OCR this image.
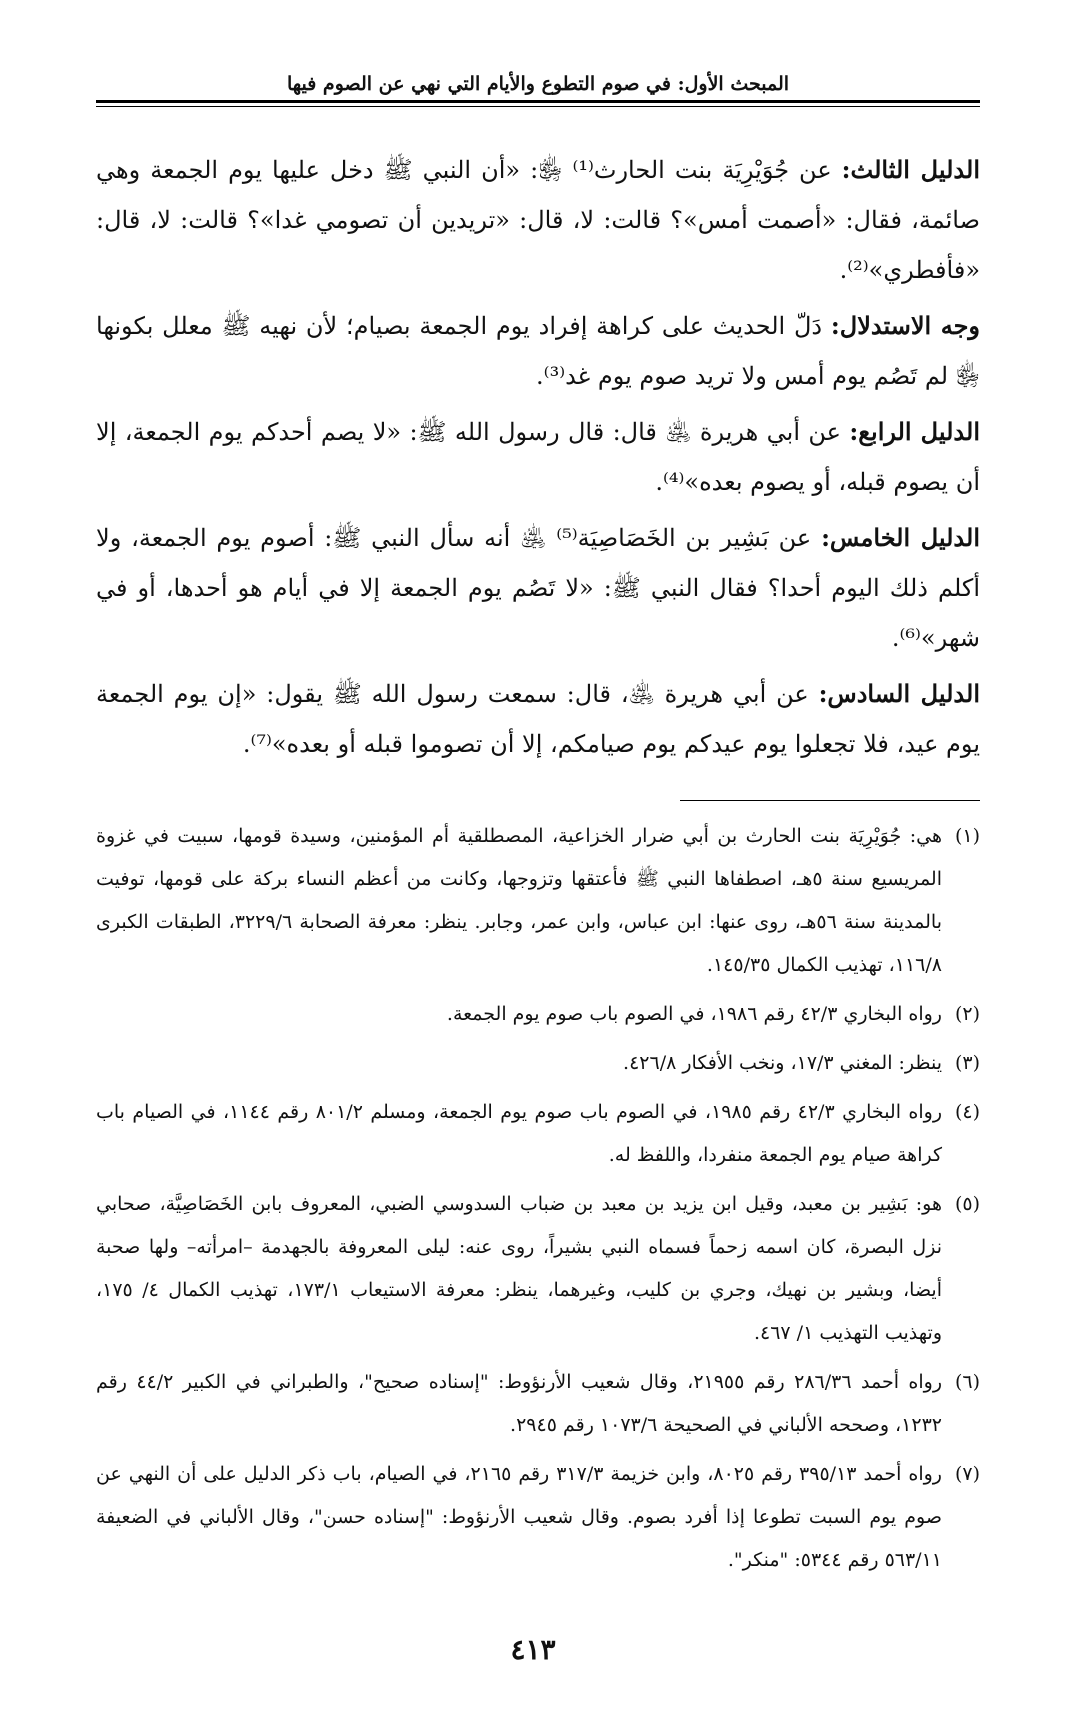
المبحث الأول: في صوم التطوع والأيام التي نهي عن الصوم فيها

الدليل الثالث: عن جُوَيْرِيَة بنت الحارث⁽¹⁾ ﵂: «أن النبي ﷺ دخل عليها يوم الجمعة وهي صائمة، فقال: «أصمت أمس»؟ قالت: لا، قال: «تريدين أن تصومي غدا»؟ قالت: لا، قال: «فأفطري»⁽²⁾.

وجه الاستدلال: دَلّ الحديث على كراهة إفراد يوم الجمعة بصيام؛ لأن نهيه ﷺ معلل بكونها ﵂ لم تَصُم يوم أمس ولا تريد صوم يوم غد⁽³⁾.

الدليل الرابع: عن أبي هريرة ﵁ قال: قال رسول الله ﷺ: «لا يصم أحدكم يوم الجمعة، إلا أن يصوم قبله، أو يصوم بعده»⁽⁴⁾.

الدليل الخامس: عن بَشِير بن الخَصَاصِيَة⁽⁵⁾ ﵁ أنه سأل النبي ﷺ: أصوم يوم الجمعة، ولا أكلم ذلك اليوم أحدا؟ فقال النبي ﷺ: «لا تَصُم يوم الجمعة إلا في أيام هو أحدها، أو في شهر»⁽⁶⁾.

الدليل السادس: عن أبي هريرة ﵁، قال: سمعت رسول الله ﷺ يقول: «إن يوم الجمعة يوم عيد، فلا تجعلوا يوم عيدكم يوم صيامكم، إلا أن تصوموا قبله أو بعده»⁽⁷⁾.

(١)
هي: جُوَيْرِيَة بنت الحارث بن أبي ضرار الخزاعية، المصطلقية أم المؤمنين، وسيدة قومها، سبيت في غزوة المريسيع سنة ٥هـ، اصطفاها النبي ﷺ فأعتقها وتزوجها، وكانت من أعظم النساء بركة على قومها، توفيت بالمدينة سنة ٥٦هـ، روى عنها: ابن عباس، وابن عمر، وجابر. ينظر: معرفة الصحابة ٣٢٢٩/٦، الطبقات الكبرى ١١٦/٨، تهذيب الكمال ١٤٥/٣٥.

(٢)
رواه البخاري ٤٢/٣ رقم ١٩٨٦، في الصوم باب صوم يوم الجمعة.

(٣)
ينظر: المغني ١٧/٣، ونخب الأفكار ٤٢٦/٨.

(٤)
رواه البخاري ٤٢/٣ رقم ١٩٨٥، في الصوم باب صوم يوم الجمعة، ومسلم ٨٠١/٢ رقم ١١٤٤، في الصيام باب كراهة صيام يوم الجمعة منفردا، واللفظ له.

(٥)
هو: بَشِير بن معبد، وقيل ابن يزيد بن معبد بن ضباب السدوسي الضبي، المعروف بابن الخَصَاصِيَّة، صحابي نزل البصرة، كان اسمه زحماً فسماه النبي بشيراً، روى عنه: ليلى المعروفة بالجهدمة –امرأته– ولها صحبة أيضا، وبشير بن نهيك، وجري بن كليب، وغيرهما، ينظر: معرفة الاستيعاب ١٧٣/١، تهذيب الكمال ٤/ ١٧٥، وتهذيب التهذيب ١/ ٤٦٧.

(٦)
رواه أحمد ٢٨٦/٣٦ رقم ٢١٩٥٥، وقال شعيب الأرنؤوط: "إسناده صحيح"، والطبراني في الكبير ٤٤/٢ رقم ١٢٣٢، وصححه الألباني في الصحيحة ١٠٧٣/٦ رقم ٢٩٤٥.

(٧)
رواه أحمد ٣٩٥/١٣ رقم ٨٠٢٥، وابن خزيمة ٣١٧/٣ رقم ٢١٦٥، في الصيام، باب ذكر الدليل على أن النهي عن صوم يوم السبت تطوعا إذا أفرد بصوم. وقال شعيب الأرنؤوط: "إسناده حسن"، وقال الألباني في الضعيفة ٥٦٣/١١ رقم ٥٣٤٤: "منكر".

٤١٣
